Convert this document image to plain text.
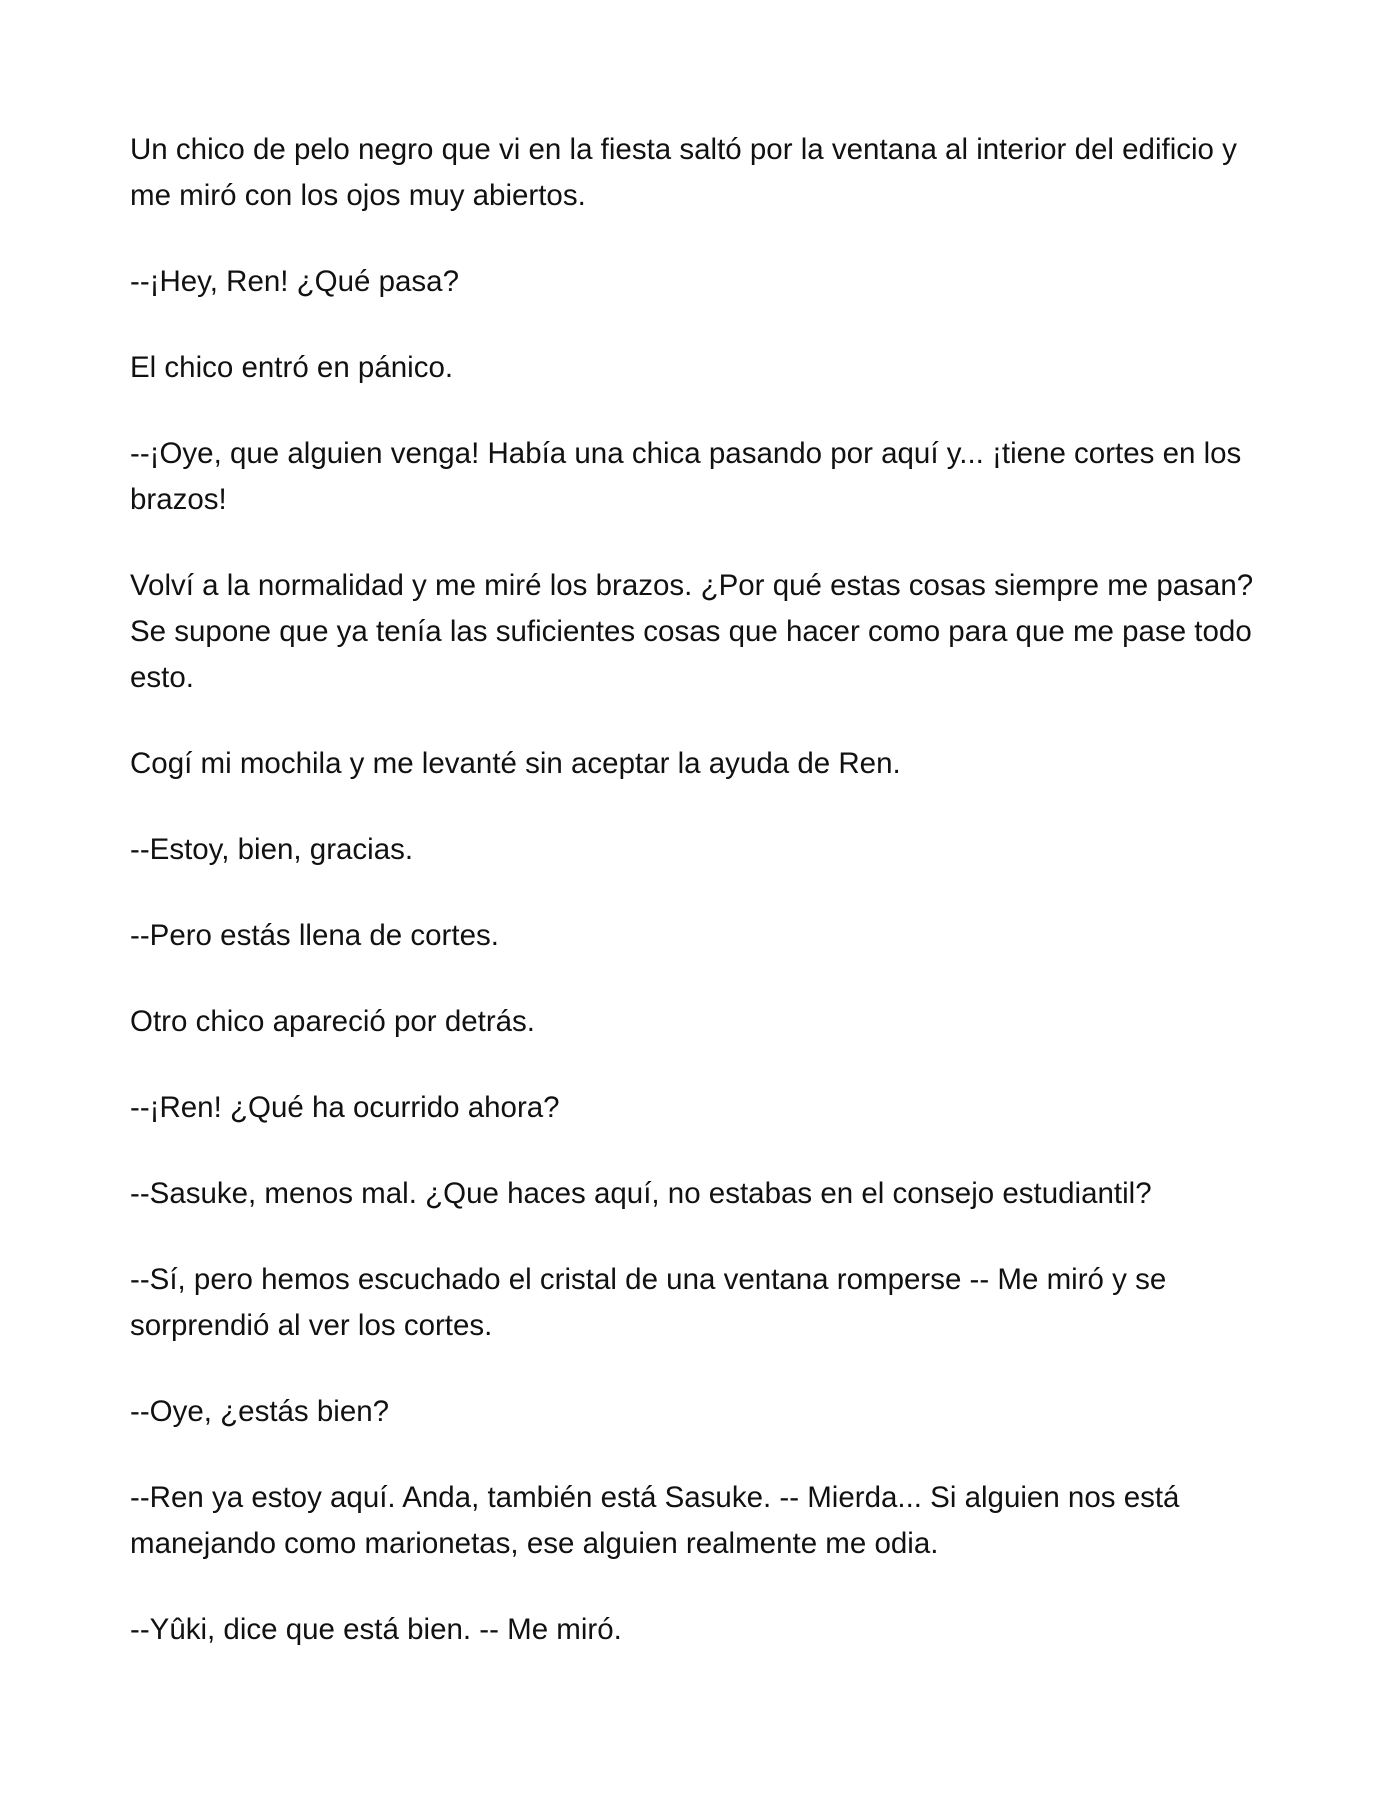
Un chico de pelo negro que vi en la fiesta saltó por la ventana al interior del edificio y me miró con los ojos muy abiertos.

--¡Hey, Ren! ¿Qué pasa?

El chico entró en pánico.

--¡Oye, que alguien venga! Había una chica pasando por aquí y... ¡tiene cortes en los brazos!

Volví a la normalidad y me miré los brazos. ¿Por qué estas cosas siempre me pasan? Se supone que ya tenía las suficientes cosas que hacer como para que me pase todo esto.

Cogí mi mochila y me levanté sin aceptar la ayuda de Ren.

--Estoy, bien, gracias.

--Pero estás llena de cortes.

Otro chico apareció por detrás.

--¡Ren! ¿Qué ha ocurrido ahora?

--Sasuke, menos mal. ¿Que haces aquí, no estabas en el consejo estudiantil?

--Sí, pero hemos escuchado el cristal de una ventana romperse -- Me miró y se sorprendió al ver los cortes.

--Oye, ¿estás bien?

--Ren ya estoy aquí. Anda, también está Sasuke. -- Mierda... Si alguien nos está manejando como marionetas, ese alguien realmente me odia.

--Yûki, dice que está bien. -- Me miró.
